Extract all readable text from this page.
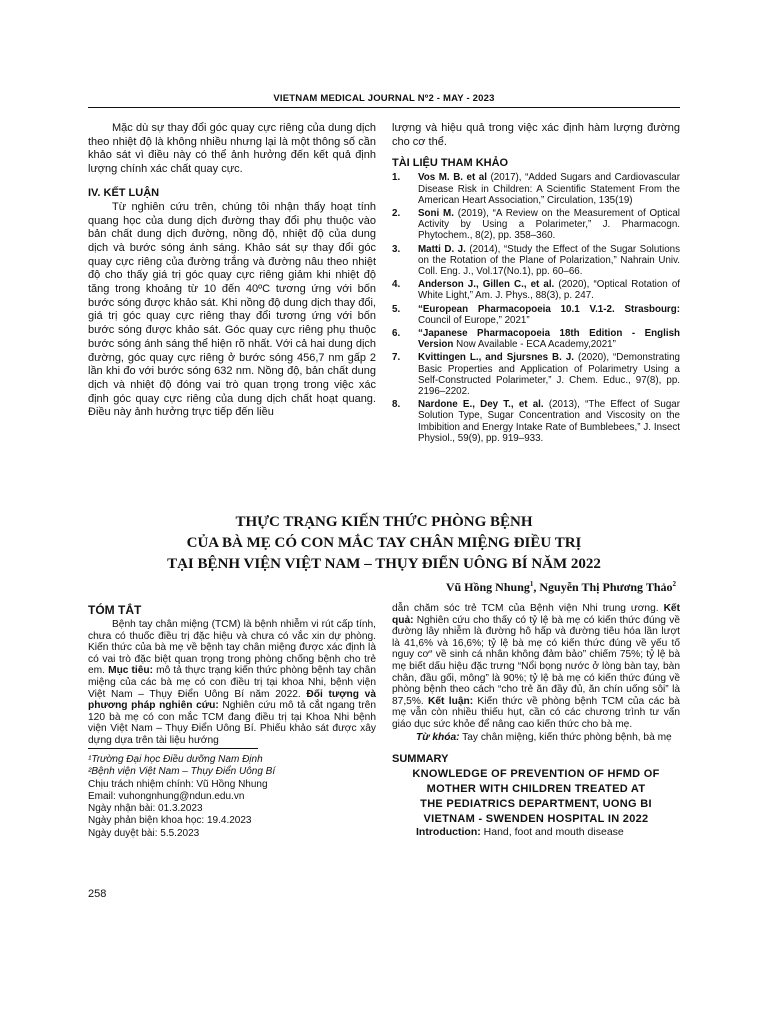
VIETNAM MEDICAL JOURNAL Nº2 - MAY - 2023

Mặc dù sự thay đổi góc quay cực riêng của dung dịch theo nhiệt độ là không nhiều nhưng lại là một thông số cần khảo sát vì điều này có thể ảnh hưởng đến kết quả định lượng chính xác chất quay cực.

IV. KẾT LUẬN

Từ nghiên cứu trên, chúng tôi nhận thấy hoạt tính quang học của dung dịch đường thay đổi phụ thuộc vào bản chất dung dịch đường, nồng độ, nhiệt độ của dung dịch và bước sóng ánh sáng. Khảo sát sự thay đổi góc quay cực riêng của đường trắng và đường nâu theo nhiệt độ cho thấy giá trị góc quay cực riêng giảm khi nhiệt độ tăng trong khoảng từ 10 đến 40ºC tương ứng với bốn bước sóng được khảo sát. Khi nồng độ dung dịch thay đổi, giá trị góc quay cực riêng thay đổi tương ứng với bốn bước sóng được khảo sát. Góc quay cực riêng phụ thuộc bước sóng ánh sáng thể hiện rõ nhất. Với cả hai dung dịch đường, góc quay cực riêng ở bước sóng 456,7 nm gấp 2 lần khi đo với bước sóng 632 nm. Nồng độ, bản chất dung dịch và nhiệt độ đóng vai trò quan trọng trong việc xác định góc quay cực riêng của dung dịch chất hoạt quang. Điều này ảnh hưởng trực tiếp đến liều

lượng và hiệu quả trong việc xác định hàm lượng đường cho cơ thể.

TÀI LIỆU THAM KHẢO

1. Vos M. B. et al (2017), “Added Sugars and Cardiovascular Disease Risk in Children: A Scientific Statement From the American Heart Association,” Circulation, 135(19)
2. Soni M. (2019), “A Review on the Measurement of Optical Activity by Using a Polarimeter,” J. Pharmacogn. Phytochem., 8(2), pp. 358–360.
3. Matti D. J. (2014), “Study the Effect of the Sugar Solutions on the Rotation of the Plane of Polarization,” Nahrain Univ. Coll. Eng. J., Vol.17(No.1), pp. 60–66.
4. Anderson J., Gillen C., et al. (2020), “Optical Rotation of White Light,” Am. J. Phys., 88(3), p. 247.
5. “European Pharmacopoeia 10.1 V.1-2. Strasbourg: Council of Europe,” 2021”
6. “Japanese Pharmacopoeia 18th Edition - English Version Now Available - ECA Academy,2021”
7. Kvittingen L., and Sjursnes B. J. (2020), “Demonstrating Basic Properties and Application of Polarimetry Using a Self-Constructed Polarimeter,” J. Chem. Educ., 97(8), pp. 2196–2202.
8. Nardone E., Dey T., et al. (2013), “The Effect of Sugar Solution Type, Sugar Concentration and Viscosity on the Imbibition and Energy Intake Rate of Bumblebees,” J. Insect Physiol., 59(9), pp. 919–933.
THỰC TRẠNG KIẾN THỨC PHÒNG BỆNH
CỦA BÀ MẸ CÓ CON MẮC TAY CHÂN MIỆNG ĐIỀU TRỊ
TẠI BỆNH VIỆN VIỆT NAM – THỤY ĐIỂN UÔNG BÍ NĂM 2022
Vũ Hồng Nhung$^1$, Nguyễn Thị Phương Thảo$^2$

TÓM TẮT

Bệnh tay chân miệng (TCM) là bệnh nhiễm vi rút cấp tính, chưa có thuốc điều trị đặc hiệu và chưa có vắc xin dự phòng. Kiến thức của bà mẹ về bệnh tay chân miệng được xác định là có vai trò đặc biệt quan trọng trong phòng chống bệnh cho trẻ em. Mục tiêu: mô tả thực trạng kiến thức phòng bệnh tay chân miệng của các bà mẹ có con điều trị tại khoa Nhi, bệnh viện Việt Nam – Thụy Điển Uông Bí năm 2022. Đối tượng và phương pháp nghiên cứu: Nghiên cứu mô tả cắt ngang trên 120 bà mẹ có con mắc TCM đang điều trị tại Khoa Nhi bệnh viện Việt Nam – Thụy Điển Uông Bí. Phiếu khảo sát được xây dựng dựa trên tài liệu hướng

¹Trường Đại học Điều dưỡng Nam Định
²Bệnh viện Việt Nam – Thụy Điển Uông Bí
Chịu trách nhiệm chính: Vũ Hồng Nhung
Email: vuhongnhung@ndun.edu.vn
Ngày nhận bài: 01.3.2023
Ngày phản biện khoa học: 19.4.2023
Ngày duyệt bài: 5.5.2023
258

dẫn chăm sóc trẻ TCM của Bệnh viện Nhi trung ương. Kết quả: Nghiên cứu cho thấy có tỷ lệ bà mẹ có kiến thức đúng về đường lây nhiễm là đường hô hấp và đường tiêu hóa lần lượt là 41,6% và 16,6%; tỷ lệ bà mẹ có kiến thức đúng về yếu tố nguy cơ“ về sinh cá nhân không đảm bảo” chiếm 75%; tỷ lệ bà mẹ biết dấu hiệu đặc trưng “Nổi bọng nước ở lòng bàn tay, bàn chân, đầu gối, mông” là 90%; tỷ lệ bà mẹ có kiến thức đúng về phòng bệnh theo cách “cho trẻ ăn đầy đủ, ăn chín uống sôi” là 87,5%. Kết luận: Kiến thức về phòng bệnh TCM của các bà mẹ vẫn còn nhiều thiếu hụt, cần có các chương trình tư vấn giáo dục sức khỏe để nâng cao kiến thức cho bà mẹ.

Từ khóa: Tay chân miệng, kiến thức phòng bệnh, bà mẹ

SUMMARY

KNOWLEDGE OF PREVENTION OF HFMD OF
MOTHER WITH CHILDREN TREATED AT
THE PEDIATRICS DEPARTMENT, UONG BI
VIETNAM - SWENDEN HOSPITAL IN 2022

Introduction: Hand, foot and mouth disease
